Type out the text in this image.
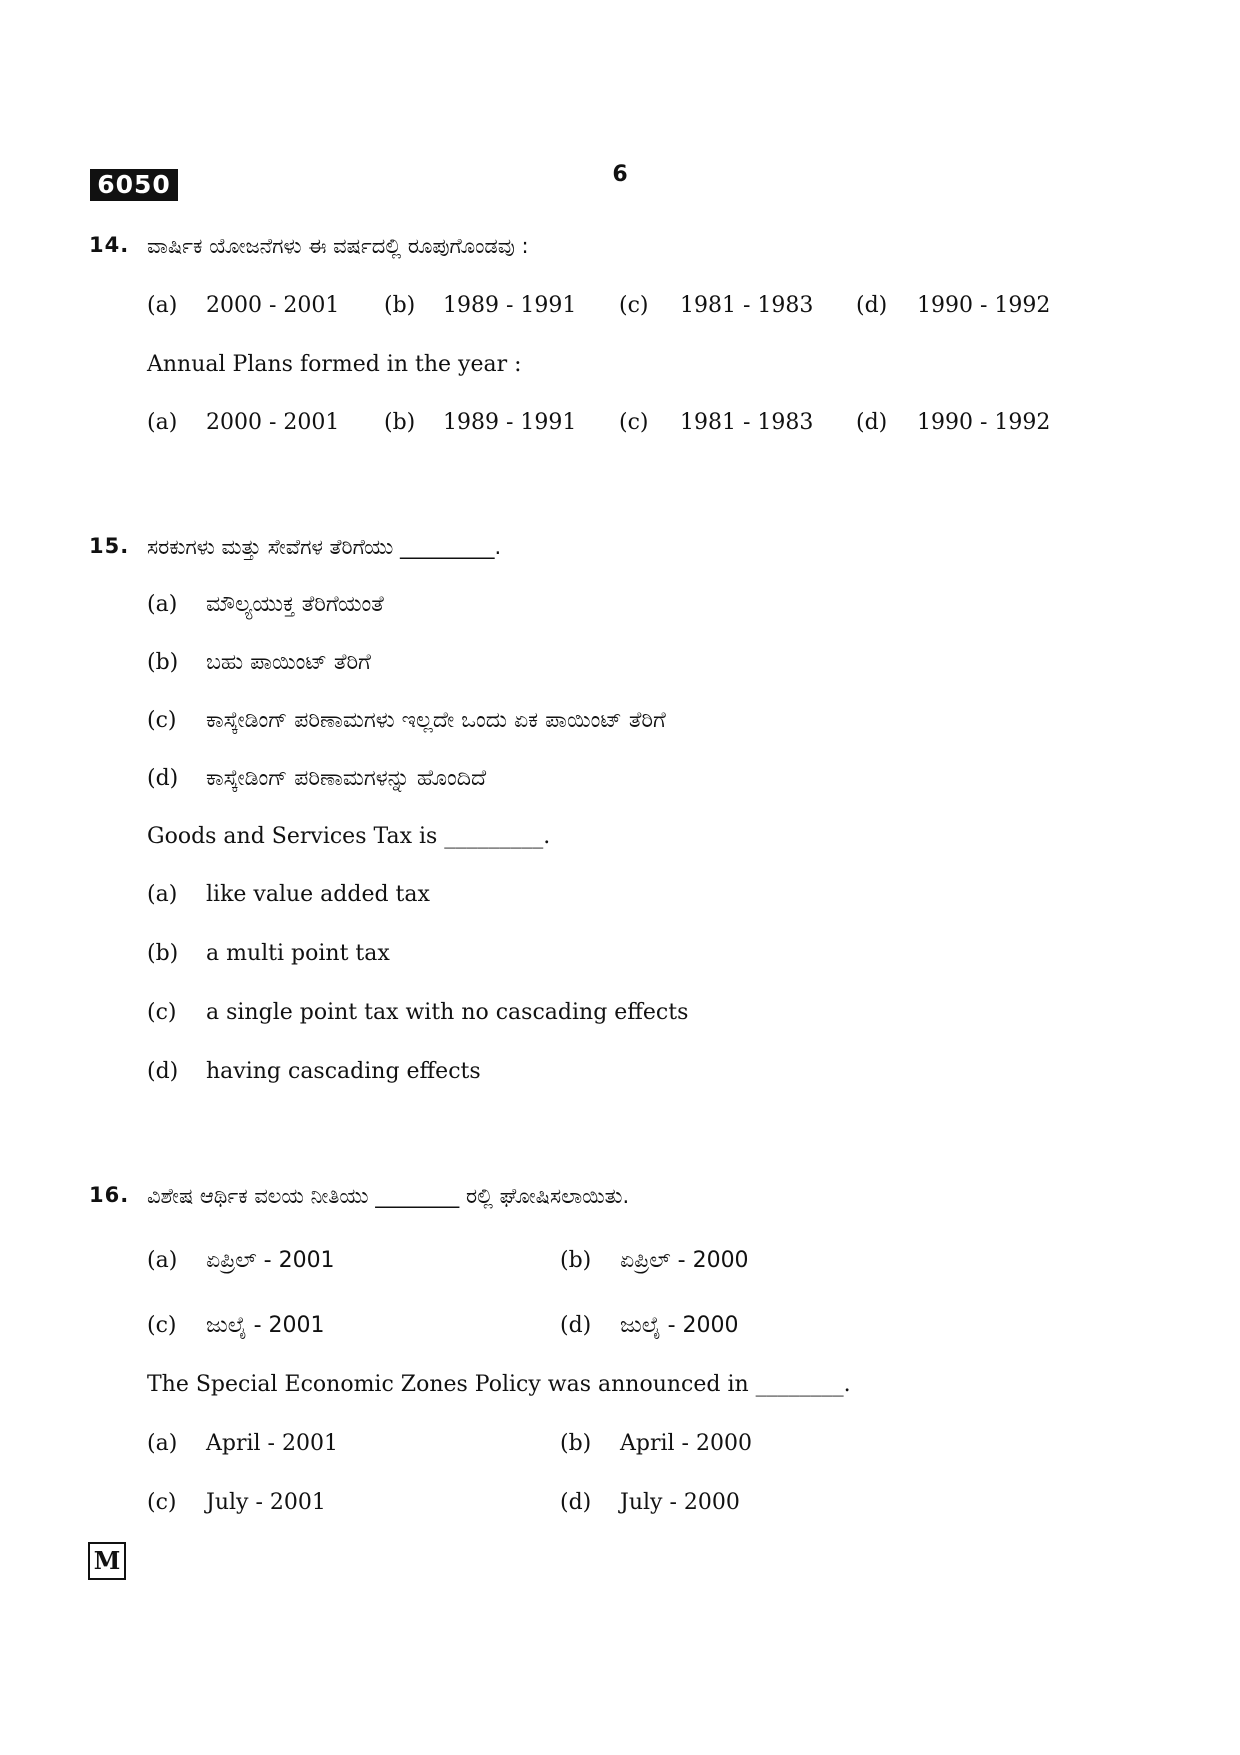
6050	6
14. ವಾರ್ಷಿಕ ಯೋಜನೆಗಳು ಈ ವರ್ಷದಲ್ಲಿ ರೂಪುಗೊಂಡವು :
(a) 2000 - 2001 (b) 1989 - 1991 (c) 1981 - 1983 (d) 1990 - 1992
Annual Plans formed in the year :
(a) 2000 - 2001 (b) 1989 - 1991 (c) 1981 - 1983 (d) 1990 - 1992
15. ಸರಕುಗಳು ಮತ್ತು ಸೇವೆಗಳ ತೆರಿಗೆಯು _________.
(a) ಮೌಲ್ಯಯುಕ್ತ ತೆರಿಗೆಯಂತೆ
(b) ಬಹು ಪಾಯಿಂಟ್ ತೆರಿಗೆ
(c) ಕಾಸ್ಕೇಡಿಂಗ್ ಪರಿಣಾಮಗಳು ಇಲ್ಲದೇ ಒಂದು ಏಕ ಪಾಯಿಂಟ್ ತೆರಿಗೆ
(d) ಕಾಸ್ಕೇಡಿಂಗ್ ಪರಿಣಾಮಗಳನ್ನು ಹೊಂದಿದೆ
Goods and Services Tax is _________.
(a) like value added tax
(b) a multi point tax
(c) a single point tax with no cascading effects
(d) having cascading effects
16. ವಿಶೇಷ ಆರ್ಥಿಕ ವಲಯ ನೀತಿಯು ________ ರಲ್ಲಿ ಘೋಷಿಸಲಾಯಿತು.
(a) ಏಪ್ರಿಲ್ - 2001	(b) ಏಪ್ರಿಲ್ - 2000
(c) ಜುಲೈ - 2001	(d) ಜುಲೈ - 2000
The Special Economic Zones Policy was announced in ________.
(a) April - 2001	(b) April - 2000
(c) July - 2001	(d) July - 2000
M
